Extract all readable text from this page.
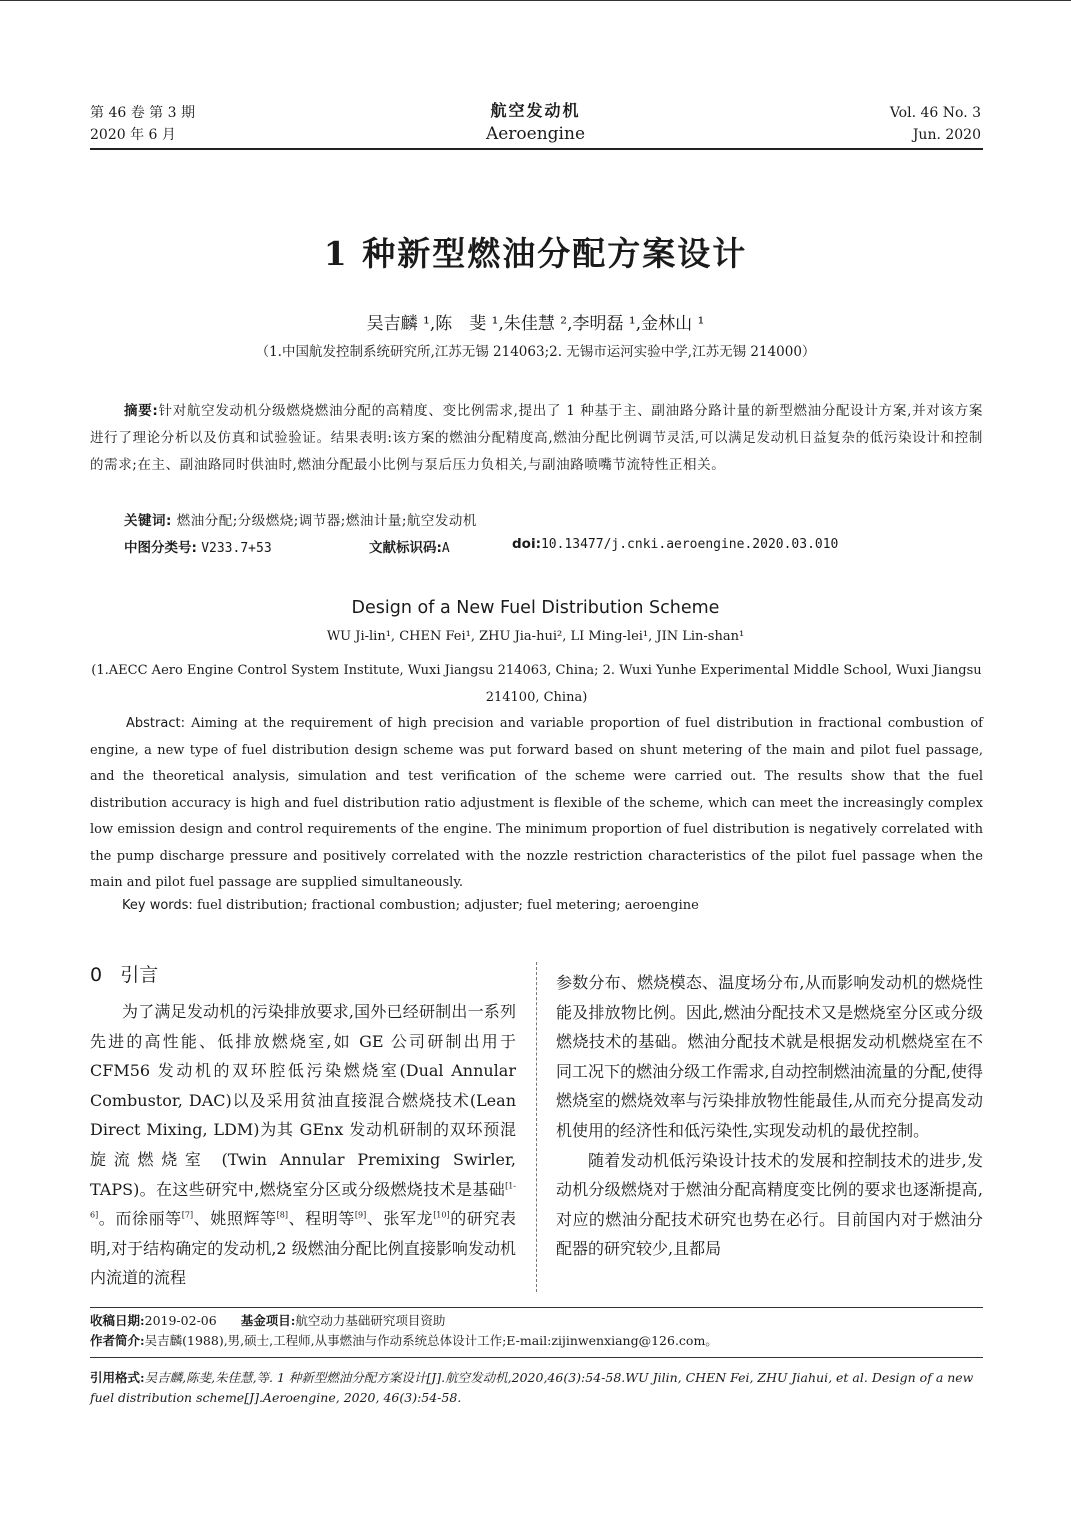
第 46 卷 第 3 期
2020 年 6 月
航空发动机
Aeroengine
Vol. 46 No. 3
Jun. 2020
1 种新型燃油分配方案设计
吴吉麟 ¹,陈　斐 ¹,朱佳慧 ²,李明磊 ¹,金林山 ¹
（1.中国航发控制系统研究所,江苏无锡 214063;2. 无锡市运河实验中学,江苏无锡 214000）
摘要:针对航空发动机分级燃烧燃油分配的高精度、变比例需求,提出了 1 种基于主、副油路分路计量的新型燃油分配设计方案,并对该方案进行了理论分析以及仿真和试验验证。结果表明:该方案的燃油分配精度高,燃油分配比例调节灵活,可以满足发动机日益复杂的低污染设计和控制的需求;在主、副油路同时供油时,燃油分配最小比例与泵后压力负相关,与副油路喷嘴节流特性正相关。
关键词: 燃油分配;分级燃烧;调节器;燃油计量;航空发动机
中图分类号: V233.7+53	文献标识码:A	doi:10.13477/j.cnki.aeroengine.2020.03.010
Design of a New Fuel Distribution Scheme
WU Ji-lin¹, CHEN Fei¹, ZHU Jia-hui², LI Ming-lei¹, JIN Lin-shan¹
(1.AECC Aero Engine Control System Institute, Wuxi Jiangsu 214063, China; 2. Wuxi Yunhe Experimental Middle School, Wuxi Jiangsu 214100, China)
Abstract: Aiming at the requirement of high precision and variable proportion of fuel distribution in fractional combustion of engine, a new type of fuel distribution design scheme was put forward based on shunt metering of the main and pilot fuel passage, and the theoretical analysis, simulation and test verification of the scheme were carried out. The results show that the fuel distribution accuracy is high and fuel distribution ratio adjustment is flexible of the scheme, which can meet the increasingly complex low emission design and control requirements of the engine. The minimum proportion of fuel distribution is negatively correlated with the pump discharge pressure and positively correlated with the nozzle restriction characteristics of the pilot fuel passage when the main and pilot fuel passage are supplied simultaneously.
Key words: fuel distribution; fractional combustion; adjuster; fuel metering; aeroengine
0 引言
为了满足发动机的污染排放要求,国外已经研制出一系列先进的高性能、低排放燃烧室,如 GE 公司研制出用于 CFM56 发动机的双环腔低污染燃烧室(Dual Annular Combustor, DAC)以及采用贫油直接混合燃烧技术(Lean Direct Mixing, LDM)为其 GEnx 发动机研制的双环预混旋流燃烧室 (Twin Annular Premixing Swirler, TAPS)。在这些研究中,燃烧室分区或分级燃烧技术是基础[1-6]。而徐丽等[7]、姚照辉等[8]、程明等[9]、张军龙[10]的研究表明,对于结构确定的发动机,2 级燃油分配比例直接影响发动机内流道的流程
参数分布、燃烧模态、温度场分布,从而影响发动机的燃烧性能及排放物比例。因此,燃油分配技术又是燃烧室分区或分级燃烧技术的基础。燃油分配技术就是根据发动机燃烧室在不同工况下的燃油分级工作需求,自动控制燃油流量的分配,使得燃烧室的燃烧效率与污染排放物性能最佳,从而充分提高发动机使用的经济性和低污染性,实现发动机的最优控制。
随着发动机低污染设计技术的发展和控制技术的进步,发动机分级燃烧对于燃油分配高精度变比例的要求也逐渐提高,对应的燃油分配技术研究也势在必行。目前国内对于燃油分配器的研究较少,且都局
收稿日期:2019-02-06 基金项目:航空动力基础研究项目资助
作者简介:吴吉麟(1988),男,硕士,工程师,从事燃油与作动系统总体设计工作;E-mail:zijinwenxiang@126.com。
引用格式:吴吉麟,陈斐,朱佳慧,等. 1 种新型燃油分配方案设计[J].航空发动机,2020,46(3):54-58.WU Jilin, CHEN Fei, ZHU Jiahui, et al. Design of a new fuel distribution scheme[J].Aeroengine, 2020, 46(3):54-58.
